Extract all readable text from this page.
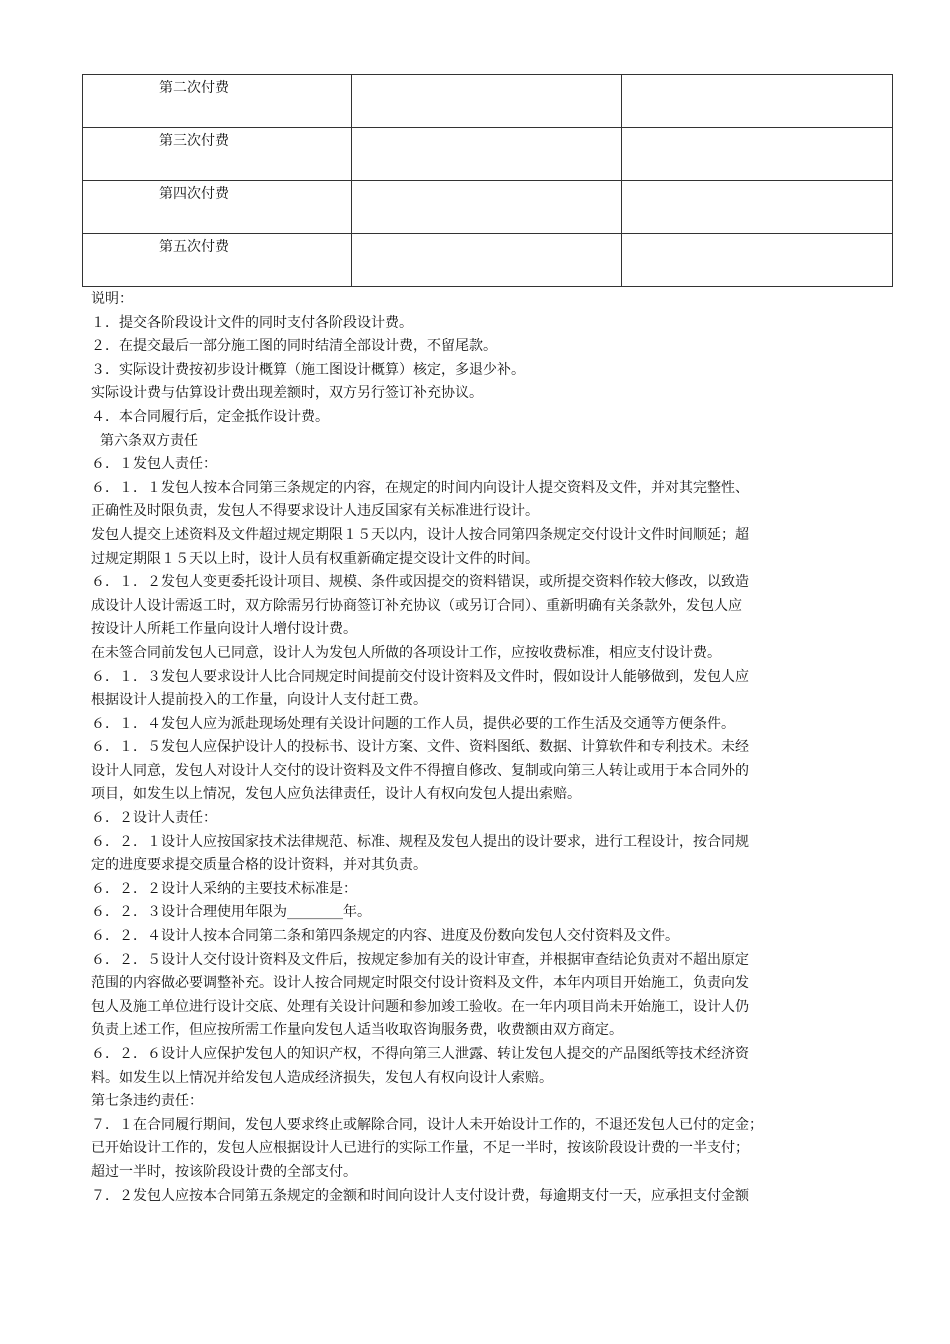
第二次付费		

第三次付费		

第四次付费		

第五次付费		

说明：

１．提交各阶段设计文件的同时支付各阶段设计费。

２．在提交最后一部分施工图的同时结清全部设计费，不留尾款。

３．实际设计费按初步设计概算（施工图设计概算）核定，多退少补。

实际设计费与估算设计费出现差额时，双方另行签订补充协议。

４．本合同履行后，定金抵作设计费。

第六条双方责任

６．１发包人责任：

６．１．１发包人按本合同第三条规定的内容，在规定的时间内向设计人提交资料及文件，并对其完整性、

正确性及时限负责，发包人不得要求设计人违反国家有关标准进行设计。

发包人提交上述资料及文件超过规定期限１５天以内，设计人按合同第四条规定交付设计文件时间顺延；超

过规定期限１５天以上时，设计人员有权重新确定提交设计文件的时间。

６．１．２发包人变更委托设计项目、规模、条件或因提交的资料错误，或所提交资料作较大修改，以致造

成设计人设计需返工时，双方除需另行协商签订补充协议（或另订合同）、重新明确有关条款外，发包人应

按设计人所耗工作量向设计人增付设计费。

在未签合同前发包人已同意，设计人为发包人所做的各项设计工作，应按收费标准，相应支付设计费。

６．１．３发包人要求设计人比合同规定时间提前交付设计资料及文件时，假如设计人能够做到，发包人应

根据设计人提前投入的工作量，向设计人支付赶工费。

６．１．４发包人应为派赴现场处理有关设计问题的工作人员，提供必要的工作生活及交通等方便条件。

６．１．５发包人应保护设计人的投标书、设计方案、文件、资料图纸、数据、计算软件和专利技术。未经

设计人同意，发包人对设计人交付的设计资料及文件不得擅自修改、复制或向第三人转让或用于本合同外的

项目，如发生以上情况，发包人应负法律责任，设计人有权向发包人提出索赔。

６．２设计人责任：

６．２．１设计人应按国家技术法律规范、标准、规程及发包人提出的设计要求，进行工程设计，按合同规

定的进度要求提交质量合格的设计资料，并对其负责。

６．２．２设计人采纳的主要技术标准是：

６．２．３设计合理使用年限为________年。

６．２．４设计人按本合同第二条和第四条规定的内容、进度及份数向发包人交付资料及文件。

６．２．５设计人交付设计资料及文件后，按规定参加有关的设计审查，并根据审查结论负责对不超出原定

范围的内容做必要调整补充。设计人按合同规定时限交付设计资料及文件，本年内项目开始施工，负责向发

包人及施工单位进行设计交底、处理有关设计问题和参加竣工验收。在一年内项目尚未开始施工，设计人仍

负责上述工作，但应按所需工作量向发包人适当收取咨询服务费，收费额由双方商定。

６．２．６设计人应保护发包人的知识产权，不得向第三人泄露、转让发包人提交的产品图纸等技术经济资

料。如发生以上情况并给发包人造成经济损失，发包人有权向设计人索赔。

第七条违约责任：

７．１在合同履行期间，发包人要求终止或解除合同，设计人未开始设计工作的，不退还发包人已付的定金；

已开始设计工作的，发包人应根据设计人已进行的实际工作量，不足一半时，按该阶段设计费的一半支付；

超过一半时，按该阶段设计费的全部支付。

７．２发包人应按本合同第五条规定的金额和时间向设计人支付设计费，每逾期支付一天，应承担支付金额
